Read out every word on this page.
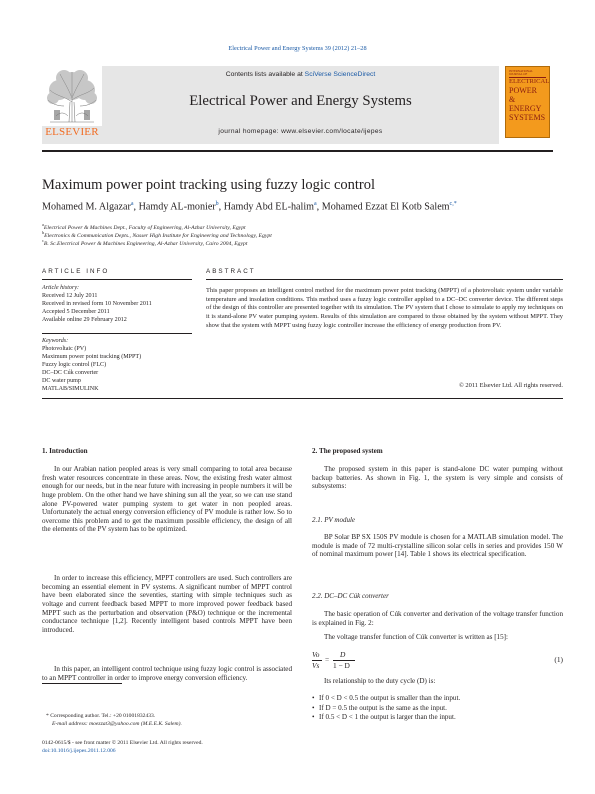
Electrical Power and Energy Systems 39 (2012) 21–28
ELSEVIER
Contents lists available at SciVerse ScienceDirect
Electrical Power and Energy Systems
journal homepage: www.elsevier.com/locate/ijepes
INTERNATIONAL JOURNAL OF
ELECTRICAL
POWER
&
ENERGY
SYSTEMS
Maximum power point tracking using fuzzy logic control
Mohamed M. Algazar$^a$, Hamdy AL-monier$^b$, Hamdy Abd EL-halim$^a$, Mohamed Ezzat El Kotb Salem$^{c,*}$
$^a$Electrical Power & Machines Dept., Faculty of Engineering, Al-Azhar University, Egypt
$^b$Electronics & Communication Depts., Nasser High Institute for Engineering and Technology, Egypt
$^c$B. Sc.Electrical Power & Machines Engineering, Al-Azhar University, Cairo 2004, Egypt
ARTICLE INFO	ABSTRACT
Article history:
Received 12 July 2011
Received in revised form 10 November 2011
Accepted 5 December 2011
Available online 29 February 2012
Keywords:
Photovoltaic (PV)
Maximum power point tracking (MPPT)
Fuzzy logic control (FLC)
DC–DC Cúk converter
DC water pump
MATLAB/SIMULINK
This paper proposes an intelligent control method for the maximum power point tracking (MPPT) of a photovoltaic system under variable temperature and insolation conditions. This method uses a fuzzy logic controller applied to a DC–DC converter device. The different steps of the design of this controller are presented together with its simulation. The PV system that I chose to simulate to apply my techniques on it is stand-alone PV water pumping system. Results of this simulation are compared to those obtained by the system without MPPT. They show that the system with MPPT using fuzzy logic controller increase the efficiency of energy production from PV.
© 2011 Elsevier Ltd. All rights reserved.
1. Introduction
In our Arabian nation peopled areas is very small comparing to total area because fresh water resources concentrate in these areas. Now, the existing fresh water almost enough for our needs, but in the near future with increasing in people numbers it will be huge problem. On the other hand we have shining sun all the year, so we can use stand alone PV-powered water pumping system to get water in non peopled areas. Unfortunately the actual energy conversion efficiency of PV module is rather low. So to overcome this problem and to get the maximum possible efficiency, the design of all the elements of the PV system has to be optimized.
In order to increase this efficiency, MPPT controllers are used. Such controllers are becoming an essential element in PV systems. A significant number of MPPT control have been elaborated since the seventies, starting with simple techniques such as voltage and current feedback based MPPT to more improved power feedback based MPPT such as the perturbation and observation (P&O) technique or the incremental conductance technique [1,2]. Recently intelligent based controls MPPT have been introduced.
In this paper, an intelligent control technique using fuzzy logic control is associated to an MPPT controller in order to improve energy conversion efficiency.
* Corresponding author. Tel.: +20 01001832433.
E-mail address: moezzat3@yahoo.com (M.E.E.K. Salem).
0142-0615/$ - see front matter © 2011 Elsevier Ltd. All rights reserved.
doi:10.1016/j.ijepes.2011.12.006
2. The proposed system
The proposed system in this paper is stand-alone DC water pumping without backup batteries. As shown in Fig. 1, the system is very simple and consists of subsystems:
2.1. PV module
BP Solar BP SX 150S PV module is chosen for a MATLAB simulation model. The module is made of 72 multi-crystalline silicon solar cells in series and provides 150 W of nominal maximum power [14]. Table 1 shows its electrical specification.
2.2. DC–DC Cúk converter
The basic operation of Cúk converter and derivation of the voltage transfer function is explained in Fig. 2:
The voltage transfer function of Cúk converter is written as [15]:
Vo
Vs
=
D
1 − D
(1)
Its relationship to the duty cycle (D) is:
• If 0 < D < 0.5 the output is smaller than the input.
• If D = 0.5 the output is the same as the input.
• If 0.5 < D < 1 the output is larger than the input.
